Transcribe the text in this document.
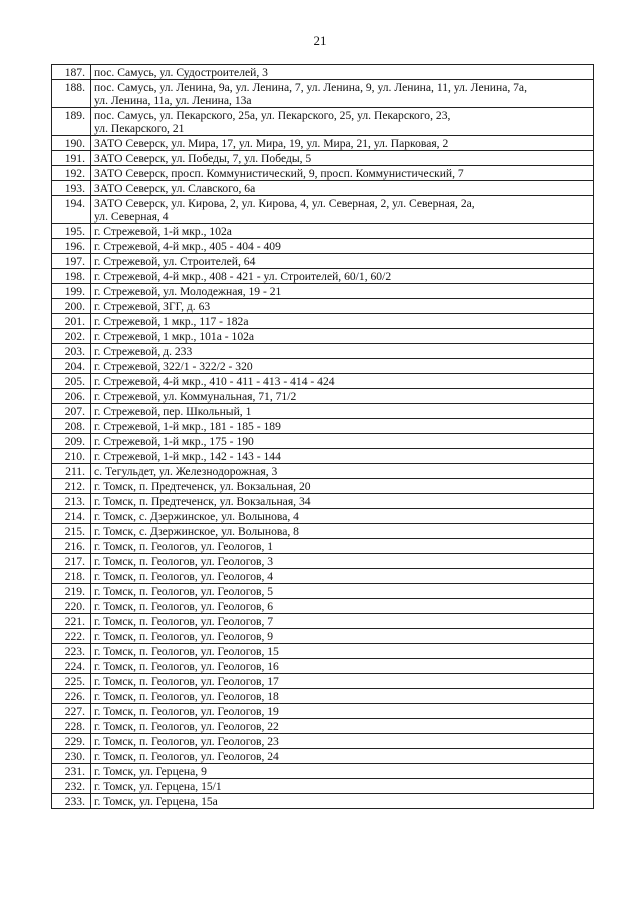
21
187.	пос. Самусь, ул. Судостроителей, 3

188.	пос. Самусь, ул. Ленина, 9а, ул. Ленина, 7, ул. Ленина, 9, ул. Ленина, 11, ул. Ленина, 7а,
ул. Ленина, 11а, ул. Ленина, 13а

189.	пос. Самусь, ул. Пекарского, 25а, ул. Пекарского, 25, ул. Пекарского, 23,
ул. Пекарского, 21

190.	ЗАТО Северск, ул. Мира, 17, ул. Мира, 19, ул. Мира, 21, ул. Парковая, 2

191.	ЗАТО Северск, ул. Победы, 7, ул. Победы, 5

192.	ЗАТО Северск, просп. Коммунистический, 9, просп. Коммунистический, 7

193.	ЗАТО Северск, ул. Славского, 6а

194.	ЗАТО Северск, ул. Кирова, 2, ул. Кирова, 4, ул. Северная, 2, ул. Северная, 2а,
ул. Северная, 4

195.	г. Стрежевой, 1-й мкр., 102а

196.	г. Стрежевой, 4-й мкр., 405 - 404 - 409

197.	г. Стрежевой, ул. Строителей, 64

198.	г. Стрежевой, 4-й мкр., 408 - 421 - ул. Строителей, 60/1, 60/2

199.	г. Стрежевой, ул. Молодежная, 19 - 21

200.	г. Стрежевой, ЗГГ, д. 63

201.	г. Стрежевой, 1 мкр., 117 - 182а

202.	г. Стрежевой, 1 мкр., 101а - 102а

203.	г. Стрежевой, д. 233

204.	г. Стрежевой, 322/1 - 322/2 - 320

205.	г. Стрежевой, 4-й мкр., 410 - 411 - 413 - 414 - 424

206.	г. Стрежевой, ул. Коммунальная, 71, 71/2

207.	г. Стрежевой, пер. Школьный, 1

208.	г. Стрежевой, 1-й мкр., 181 - 185 - 189

209.	г. Стрежевой, 1-й мкр., 175 - 190

210.	г. Стрежевой, 1-й мкр., 142 - 143 - 144

211.	с. Тегульдет, ул. Железнодорожная, 3

212.	г. Томск, п. Предтеченск, ул. Вокзальная, 20

213.	г. Томск, п. Предтеченск, ул. Вокзальная, 34

214.	г. Томск, с. Дзержинское, ул. Волынова, 4

215.	г. Томск, с. Дзержинское, ул. Волынова, 8

216.	г. Томск, п. Геологов, ул. Геологов, 1

217.	г. Томск, п. Геологов, ул. Геологов, 3

218.	г. Томск, п. Геологов, ул. Геологов, 4

219.	г. Томск, п. Геологов, ул. Геологов, 5

220.	г. Томск, п. Геологов, ул. Геологов, 6

221.	г. Томск, п. Геологов, ул. Геологов, 7

222.	г. Томск, п. Геологов, ул. Геологов, 9

223.	г. Томск, п. Геологов, ул. Геологов, 15

224.	г. Томск, п. Геологов, ул. Геологов, 16

225.	г. Томск, п. Геологов, ул. Геологов, 17

226.	г. Томск, п. Геологов, ул. Геологов, 18

227.	г. Томск, п. Геологов, ул. Геологов, 19

228.	г. Томск, п. Геологов, ул. Геологов, 22

229.	г. Томск, п. Геологов, ул. Геологов, 23

230.	г. Томск, п. Геологов, ул. Геологов, 24

231.	г. Томск, ул. Герцена, 9

232.	г. Томск, ул. Герцена, 15/1

233.	г. Томск, ул. Герцена, 15а
